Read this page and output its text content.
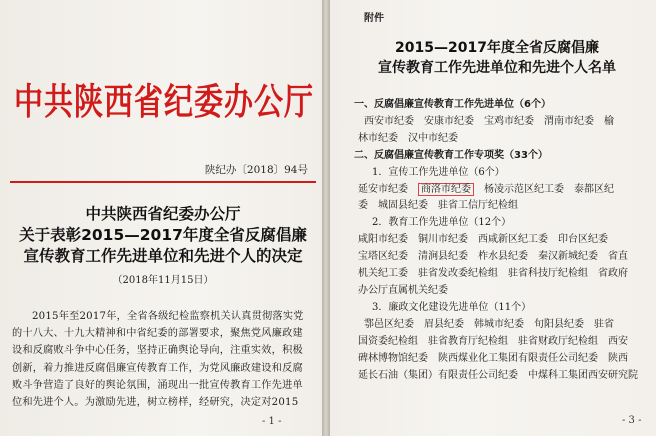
中共陕西省纪委办公厅
陕纪办〔2018〕94号
中共陕西省纪委办公厅
关于表彰2015—2017年度全省反腐倡廉
宣传教育工作先进单位和先进个人的决定
（2018年11月15日）
2015年至2017年，全省各级纪检监察机关认真贯彻落实党
的十八大、十九大精神和中省纪委的部署要求，聚焦党风廉政建
设和反腐败斗争中心任务，坚持正确舆论导向，注重实效，积极
创新，着力推进反腐倡廉宣传教育工作，为党风廉政建设和反腐
败斗争营造了良好的舆论氛围，涌现出一批宣传教育工作先进单
位和先进个人。为激励先进，树立榜样，经研究，决定对2015
- 1 -
附件
2015—2017年度全省反腐倡廉
宣传教育工作先进单位和先进个人名单
一、反腐倡廉宣传教育工作先进单位（6个）
西安市纪委　安康市纪委　宝鸡市纪委　渭南市纪委　榆
林市纪委　汉中市纪委
二、反腐倡廉宣传教育工作专项奖（33个）
1．宣传工作先进单位（6个）
延安市纪委　商洛市纪委　杨凌示范区纪工委　泰都区纪
委　城固县纪委　驻省工信厅纪检组
2．教育工作先进单位（12个）
咸阳市纪委　铜川市纪委　西咸新区纪工委　印台区纪委
宝塔区纪委　清涧县纪委　柞水县纪委　秦汉新城纪委　省直
机关纪工委　驻省发改委纪检组　驻省科技厅纪检组　省政府
办公厅直属机关纪委
3．廉政文化建设先进单位（11个）
鄠邑区纪委　眉县纪委　韩城市纪委　旬阳县纪委　驻省
国资委纪检组　驻省教育厅纪检组　驻省财政厅纪检组　西安
碑林博物馆纪委　陕西煤业化工集团有限责任公司纪委　陕西
延长石油（集团）有限责任公司纪委　中煤科工集团西安研究院
- 3 -
